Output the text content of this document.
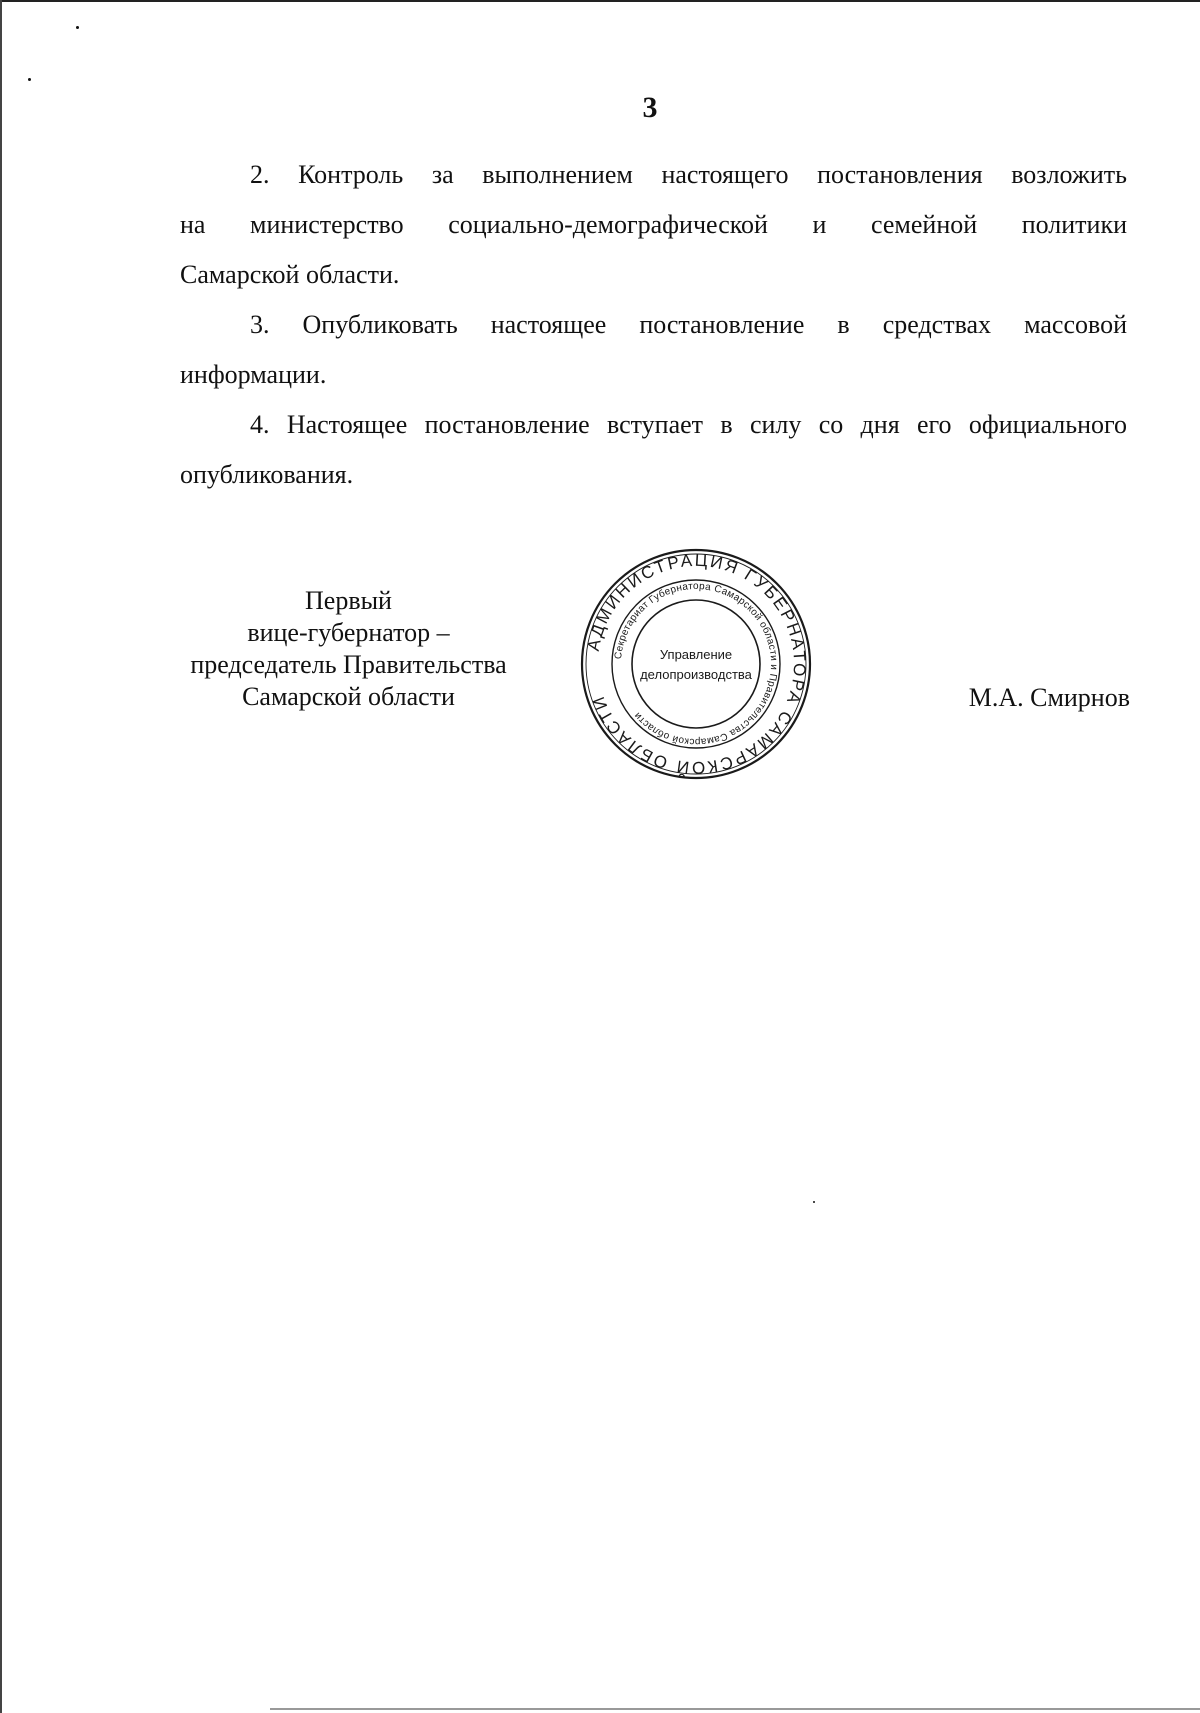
3

2. Контроль за выполнением настоящего постановления возложить
на министерство социально-демографической и семейной политики
Самарской области.

3. Опубликовать настоящее постановление в средствах массовой
информации.

4. Настоящее постановление вступает в силу со дня его официального
опубликования.

Первый
вице-губернатор –
председатель Правительства
Самарской области
АДМИНИСТРАЦИЯ ГУБЕРНАТОРА САМАРСКОЙ ОБЛАСТИ
Секретариат Губернатора Самарской области и Правительства Самарской области
Управление
делопроизводства
М.А. Смирнов
